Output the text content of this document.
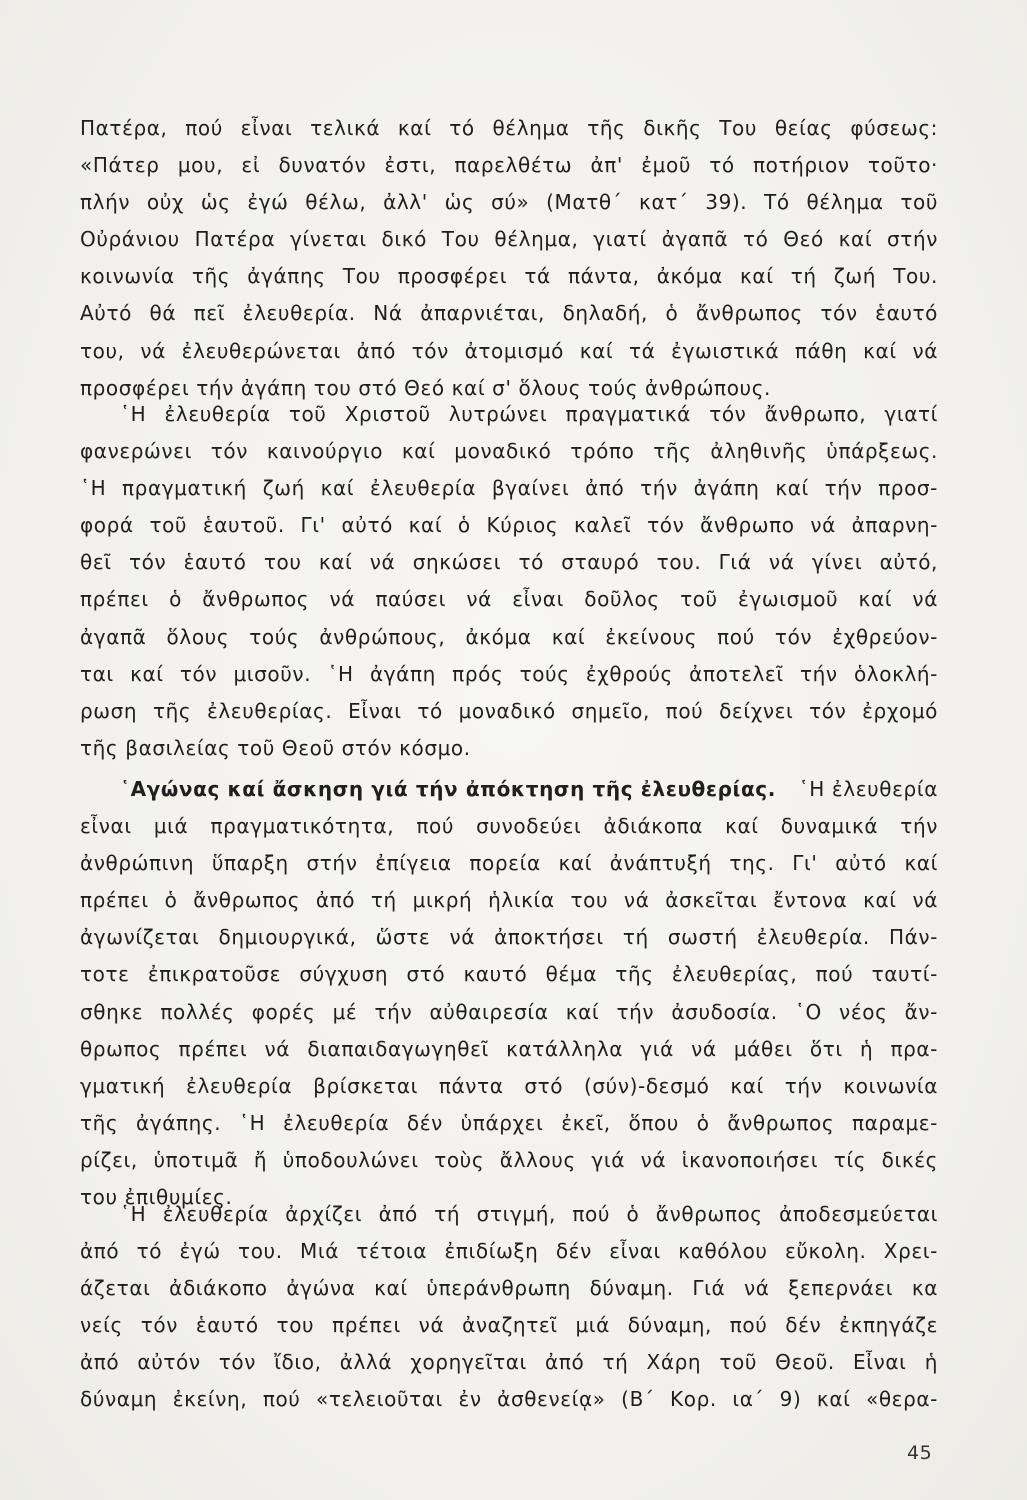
Πατέρα, πού εἶναι τελικά καί τό θέλημα τῆς δικῆς Του θείας φύσεως:
«Πάτερ μου, εἰ δυνατόν ἐστι, παρελθέτω ἀπ' ἐμοῦ τό ποτήριον τοῦτο·
πλήν οὐχ ὡς ἐγώ θέλω, ἀλλ' ὡς σύ» (Ματθ΄ κατ΄ 39). Τό θέλημα τοῦ
Οὐράνιου Πατέρα γίνεται δικό Του θέλημα, γιατί ἀγαπᾶ τό Θεό καί στήν
κοινωνία τῆς ἀγάπης Του προσφέρει τά πάντα, ἀκόμα καί τή ζωή Του.
Αὐτό θά πεῖ ἐλευθερία. Νά ἀπαρνιέται, δηλαδή, ὁ ἄνθρωπος τόν ἑαυτό
του, νά ἐλευθερώνεται ἀπό τόν ἀτομισμό καί τά ἐγωιστικά πάθη καί νά
προσφέρει τήν ἀγάπη του στό Θεό καί σ' ὅλους τούς ἀνθρώπους.
῾Η ἐλευθερία τοῦ Χριστοῦ λυτρώνει πραγματικά τόν ἄνθρωπο, γιατί
φανερώνει τόν καινούργιο καί μοναδικό τρόπο τῆς ἀληθινῆς ὑπάρξεως.
῾Η πραγματική ζωή καί ἐλευθερία βγαίνει ἀπό τήν ἀγάπη καί τήν προσ-
φορά τοῦ ἑαυτοῦ. Γι' αὐτό καί ὁ Κύριος καλεῖ τόν ἄνθρωπο νά ἀπαρνη-
θεῖ τόν ἑαυτό του καί νά σηκώσει τό σταυρό του. Γιά νά γίνει αὐτό,
πρέπει ὁ ἄνθρωπος νά παύσει νά εἶναι δοῦλος τοῦ ἐγωισμοῦ καί νά
ἀγαπᾶ ὅλους τούς ἀνθρώπους, ἀκόμα καί ἐκείνους πού τόν ἐχθρεύον-
ται καί τόν μισοῦν. ῾Η ἀγάπη πρός τούς ἐχθρούς ἀποτελεῖ τήν ὁλοκλή-
ρωση τῆς ἐλευθερίας. Εἶναι τό μοναδικό σημεῖο, πού δείχνει τόν ἐρχομό
τῆς βασιλείας τοῦ Θεοῦ στόν κόσμο.
῾Αγώνας καί ἄσκηση γιά τήν ἀπόκτηση τῆς ἐλευθερίας. ῾Η ἐλευθερία
εἶναι μιά πραγματικότητα, πού συνοδεύει ἀδιάκοπα καί δυναμικά τήν
ἀνθρώπινη ὕπαρξη στήν ἐπίγεια πορεία καί ἀνάπτυξή της. Γι' αὐτό καί
πρέπει ὁ ἄνθρωπος ἀπό τή μικρή ἡλικία του νά ἀσκεῖται ἔντονα καί νά
ἀγωνίζεται δημιουργικά, ὥστε νά ἀποκτήσει τή σωστή ἐλευθερία. Πάν-
τοτε ἐπικρατοῦσε σύγχυση στό καυτό θέμα τῆς ἐλευθερίας, πού ταυτί-
σθηκε πολλές φορές μέ τήν αὐθαιρεσία καί τήν ἀσυδοσία. ῾Ο νέος ἄν-
θρωπος πρέπει νά διαπαιδαγωγηθεῖ κατάλληλα γιά νά μάθει ὅτι ἡ πρα-
γματική ἐλευθερία βρίσκεται πάντα στό (σύν)-δεσμό καί τήν κοινωνία
τῆς ἀγάπης. ῾Η ἐλευθερία δέν ὑπάρχει ἐκεῖ, ὅπου ὁ ἄνθρωπος παραμε-
ρίζει, ὑποτιμᾶ ἤ ὑποδουλώνει τοὺς ἄλλους γιά νά ἱκανοποιήσει τίς δικές
του ἐπιθυμίες.
῾Η ἐλευθερία ἀρχίζει ἀπό τή στιγμή, πού ὁ ἄνθρωπος ἀποδεσμεύεται
ἀπό τό ἐγώ του. Μιά τέτοια ἐπιδίωξη δέν εἶναι καθόλου εὔκολη. Χρει-
άζεται ἀδιάκοπο ἀγώνα καί ὑπεράνθρωπη δύναμη. Γιά νά ξεπερνάει κα
νείς τόν ἑαυτό του πρέπει νά ἀναζητεῖ μιά δύναμη, πού δέν ἐκπηγάζε
ἀπό αὐτόν τόν ἴδιο, ἀλλά χορηγεῖται ἀπό τή Χάρη τοῦ Θεοῦ. Εἶναι ἡ
δύναμη ἐκείνη, πού «τελειοῦται ἐν ἀσθενείᾳ» (Β΄ Κορ. ια΄ 9) καί «θερα-
45
